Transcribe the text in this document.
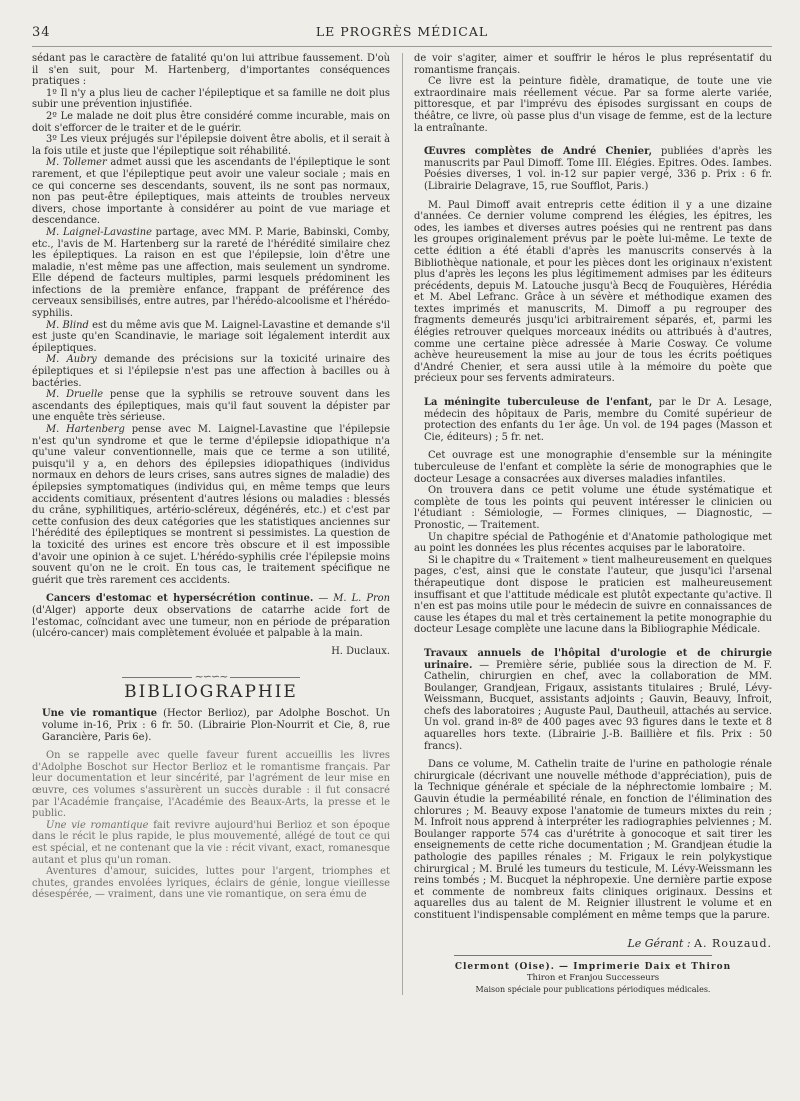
34	LE PROGRÈS MÉDICAL

sédant pas le caractère de fatalité qu'on lui attribue faussement. D'où il s'en suit, pour M. Hartenberg, d'importantes conséquences pratiques :

1º Il n'y a plus lieu de cacher l'épileptique et sa famille ne doit plus subir une prévention injustifiée.

2º Le malade ne doit plus être considéré comme incurable, mais on doit s'efforcer de le traiter et de le guérir.

3º Les vieux préjugés sur l'épilepsie doivent être abolis, et il serait à la fois utile et juste que l'épileptique soit réhabilité.

M. Tollemer admet aussi que les ascendants de l'épileptique le sont rarement, et que l'épileptique peut avoir une valeur sociale ; mais en ce qui concerne ses descendants, souvent, ils ne sont pas normaux, non pas peut-être épileptiques, mais atteints de troubles nerveux divers, chose importante à considérer au point de vue mariage et descendance.

M. Laignel-Lavastine partage, avec MM. P. Marie, Babinski, Comby, etc., l'avis de M. Hartenberg sur la rareté de l'hérédité similaire chez les épileptiques. La raison en est que l'épilepsie, loin d'être une maladie, n'est même pas une affection, mais seulement un syndrome. Elle dépend de facteurs multiples, parmi lesquels prédominent les infections de la première enfance, frappant de préférence des cerveaux sensibilisés, entre autres, par l'hérédo-alcoolisme et l'hérédo-syphilis.

M. Blind est du même avis que M. Laignel-Lavastine et demande s'il est juste qu'en Scandinavie, le mariage soit légalement interdit aux épileptiques.

M. Aubry demande des précisions sur la toxicité urinaire des épileptiques et si l'épilepsie n'est pas une affection à bacilles ou à bactéries.

M. Druelle pense que la syphilis se retrouve souvent dans les ascendants des épileptiques, mais qu'il faut souvent la dépister par une enquête très sérieuse.

M. Hartenberg pense avec M. Laignel-Lavastine que l'épilepsie n'est qu'un syndrome et que le terme d'épilepsie idiopathique n'a qu'une valeur conventionnelle, mais que ce terme a son utilité, puisqu'il y a, en dehors des épilepsies idiopathiques (individus normaux en dehors de leurs crises, sans autres signes de maladie) des épilepsies symptomatiques (individus qui, en même temps que leurs accidents comitiaux, présentent d'autres lésions ou maladies : blessés du crâne, syphilitiques, artério-scléreux, dégénérés, etc.) et c'est par cette confusion des deux catégories que les statistiques anciennes sur l'hérédité des épileptiques se montrent si pessimistes. La question de la toxicité des urines est encore très obscure et il est impossible d'avoir une opinion à ce sujet. L'hérédo-syphilis crée l'épilepsie moins souvent qu'on ne le croit. En tous cas, le traitement spécifique ne guérit que très rarement ces accidents.

Cancers d'estomac et hypersécrétion continue. — M. L. Pron (d'Alger) apporte deux observations de catarrhe acide fort de l'estomac, coïncidant avec une tumeur, non en période de préparation (ulcéro-cancer) mais complètement évoluée et palpable à la main.

H. Duclaux.

~∽∽~
BIBLIOGRAPHIE

Une vie romantique (Hector Berlioz), par Adolphe Boschot. Un volume in-16, Prix : 6 fr. 50. (Librairie Plon-Nourrit et Cie, 8, rue Garancière, Paris 6e).

On se rappelle avec quelle faveur furent accueillis les livres d'Adolphe Boschot sur Hector Berlioz et le romantisme français. Par leur documentation et leur sincérité, par l'agrément de leur mise en œuvre, ces volumes s'assurèrent un succès durable : il fut consacré par l'Académie française, l'Académie des Beaux-Arts, la presse et le public.

Une vie romantique fait revivre aujourd'hui Berlioz et son époque dans le récit le plus rapide, le plus mouvementé, allégé de tout ce qui est spécial, et ne contenant que la vie : récit vivant, exact, romanesque autant et plus qu'un roman.

Aventures d'amour, suicides, luttes pour l'argent, triomphes et chutes, grandes envolées lyriques, éclairs de génie, longue vieillesse désespérée, — vraiment, dans une vie romantique, on sera ému de

de voir s'agiter, aimer et souffrir le héros le plus représentatif du romantisme français.

Ce livre est la peinture fidèle, dramatique, de toute une vie extraordinaire mais réellement vécue. Par sa forme alerte variée, pittoresque, et par l'imprévu des épisodes surgissant en coups de théâtre, ce livre, où passe plus d'un visage de femme, est de la lecture la entraînante.

Œuvres complètes de André Chenier, publiées d'après les manuscrits par Paul Dimoff. Tome III. Elégies. Epitres. Odes. Iambes. Poésies diverses, 1 vol. in-12 sur papier vergé, 336 p. Prix : 6 fr. (Librairie Delagrave, 15, rue Soufflot, Paris.)

M. Paul Dimoff avait entrepris cette édition il y a une dizaine d'années. Ce dernier volume comprend les élégies, les épitres, les odes, les iambes et diverses autres poésies qui ne rentrent pas dans les groupes originalement prévus par le poète lui-même. Le texte de cette édition a été établi d'après les manuscrits conservés à la Bibliothèque nationale, et pour les pièces dont les originaux n'existent plus d'après les leçons les plus légitimement admises par les éditeurs précédents, depuis M. Latouche jusqu'à Becq de Fouquières, Hérédia et M. Abel Lefranc. Grâce à un sévère et méthodique examen des textes imprimés et manuscrits, M. Dimoff a pu regrouper des fragments demeurés jusqu'ici arbitrairement séparés, et, parmi les élégies retrouver quelques morceaux inédits ou attribués à d'autres, comme une certaine pièce adressée à Marie Cosway. Ce volume achève heureusement la mise au jour de tous les écrits poétiques d'André Chenier, et sera aussi utile à la mémoire du poète que précieux pour ses fervents admirateurs.

La méningite tuberculeuse de l'enfant, par le Dr A. Lesage, médecin des hôpitaux de Paris, membre du Comité supérieur de protection des enfants du 1er âge. Un vol. de 194 pages (Masson et Cie, éditeurs) ; 5 fr. net.

Cet ouvrage est une monographie d'ensemble sur la méningite tuberculeuse de l'enfant et complète la série de monographies que le docteur Lesage a consacrées aux diverses maladies infantiles.

On trouvera dans ce petit volume une étude systématique et complète de tous les points qui peuvent intéresser le clinicien ou l'étudiant : Sémiologie, — Formes cliniques, — Diagnostic, — Pronostic, — Traitement.

Un chapitre spécial de Pathogénie et d'Anatomie pathologique met au point les données les plus récentes acquises par le laboratoire.

Si le chapitre du « Traitement » tient malheureusement en quelques pages, c'est, ainsi que le constate l'auteur, que jusqu'ici l'arsenal thérapeutique dont dispose le praticien est malheureusement insuffisant et que l'attitude médicale est plutôt expectante qu'active. Il n'en est pas moins utile pour le médecin de suivre en connaissances de cause les étapes du mal et très certainement la petite monographie du docteur Lesage complète une lacune dans la Bibliographie Médicale.

Travaux annuels de l'hôpital d'urologie et de chirurgie urinaire. — Première série, publiée sous la direction de M. F. Cathelin, chirurgien en chef, avec la collaboration de MM. Boulanger, Grandjean, Frigaux, assistants titulaires ; Brulé, Lévy-Weissmann, Bucquet, assistants adjoints ; Gauvin, Beauvy, Infroit, chefs des laboratoires ; Auguste Paul, Dautheuil, attachés au service. Un vol. grand in-8º de 400 pages avec 93 figures dans le texte et 8 aquarelles hors texte. (Librairie J.-B. Baillière et fils. Prix : 50 francs).

Dans ce volume, M. Cathelin traite de l'urine en pathologie rénale chirurgicale (décrivant une nouvelle méthode d'appréciation), puis de la Technique générale et spéciale de la néphrectomie lombaire ; M. Gauvin étudie la perméabilité rénale, en fonction de l'élimination des chlorures ; M. Beauvy expose l'anatomie de tumeurs mixtes du rein ; M. Infroit nous apprend à interpréter les radiographies pelviennes ; M. Boulanger rapporte 574 cas d'urétrite à gonocoque et sait tirer les enseignements de cette riche documentation ; M. Grandjean étudie la pathologie des papilles rénales ; M. Frigaux le rein polykystique chirurgical ; M. Brulé les tumeurs du testicule, M. Lévy-Weissmann les reins tombés ; M. Bucquet la néphropexie. Une dernière partie expose et commente de nombreux faits cliniques originaux. Dessins et aquarelles dus au talent de M. Reignier illustrent le volume et en constituent l'indispensable complément en même temps que la parure.

Le Gérant : A. Rouzaud.
Clermont (Oise). — Imprimerie Daix et Thiron
Thiron et Franjou Successeurs
Maison spéciale pour publications périodiques médicales.
